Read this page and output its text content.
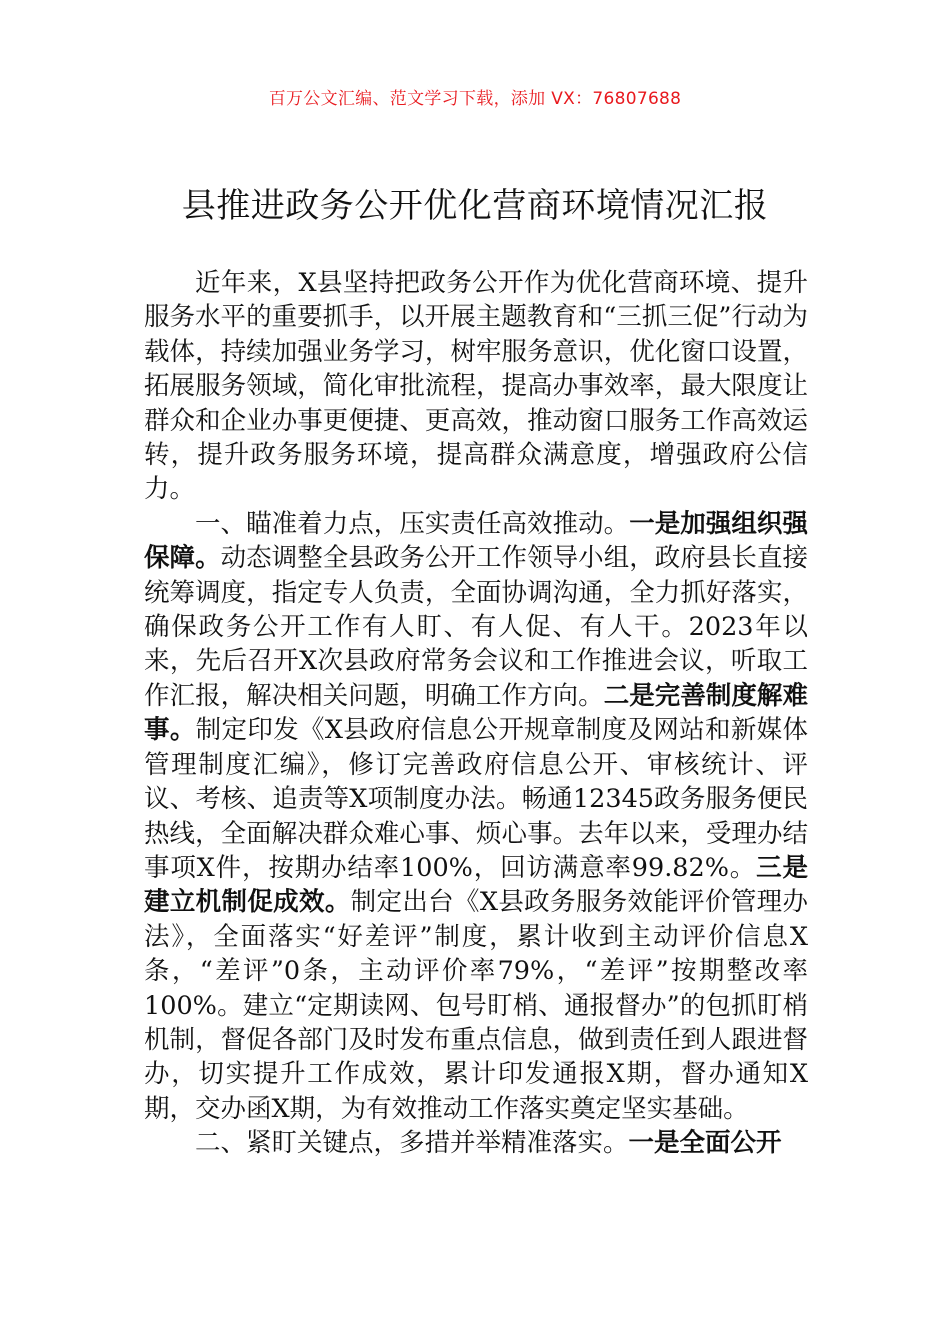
百万公文汇编、范文学习下载，添加 VX：76807688
县推进政务公开优化营商环境情况汇报

近年来，X县坚持把政务公开作为优化营商环境、提升服务水平的重要抓手，以开展主题教育和“三抓三促”行动为载体，持续加强业务学习，树牢服务意识，优化窗口设置，拓展服务领域，简化审批流程，提高办事效率，最大限度让群众和企业办事更便捷、更高效，推动窗口服务工作高效运转，提升政务服务环境，提高群众满意度，增强政府公信力。

一、瞄准着力点，压实责任高效推动。一是加强组织强保障。动态调整全县政务公开工作领导小组，政府县长直接统筹调度，指定专人负责，全面协调沟通，全力抓好落实，确保政务公开工作有人盯、有人促、有人干。2023年以来，先后召开X次县政府常务会议和工作推进会议，听取工作汇报，解决相关问题，明确工作方向。二是完善制度解难事。制定印发《X县政府信息公开规章制度及网站和新媒体管理制度汇编》，修订完善政府信息公开、审核统计、评议、考核、追责等X项制度办法。畅通12345政务服务便民热线，全面解决群众难心事、烦心事。去年以来，受理办结事项X件，按期办结率100%，回访满意率99.82%。三是建立机制促成效。制定出台《X县政务服务效能评价管理办法》，全面落实“好差评”制度，累计收到主动评价信息X条，“差评”0条，主动评价率79%，“差评”按期整改率100%。建立“定期读网、包号盯梢、通报督办”的包抓盯梢机制，督促各部门及时发布重点信息，做到责任到人跟进督办，切实提升工作成效，累计印发通报X期，督办通知X期，交办函X期，为有效推动工作落实奠定坚实基础。

二、紧盯关键点，多措并举精准落实。一是全面公开
